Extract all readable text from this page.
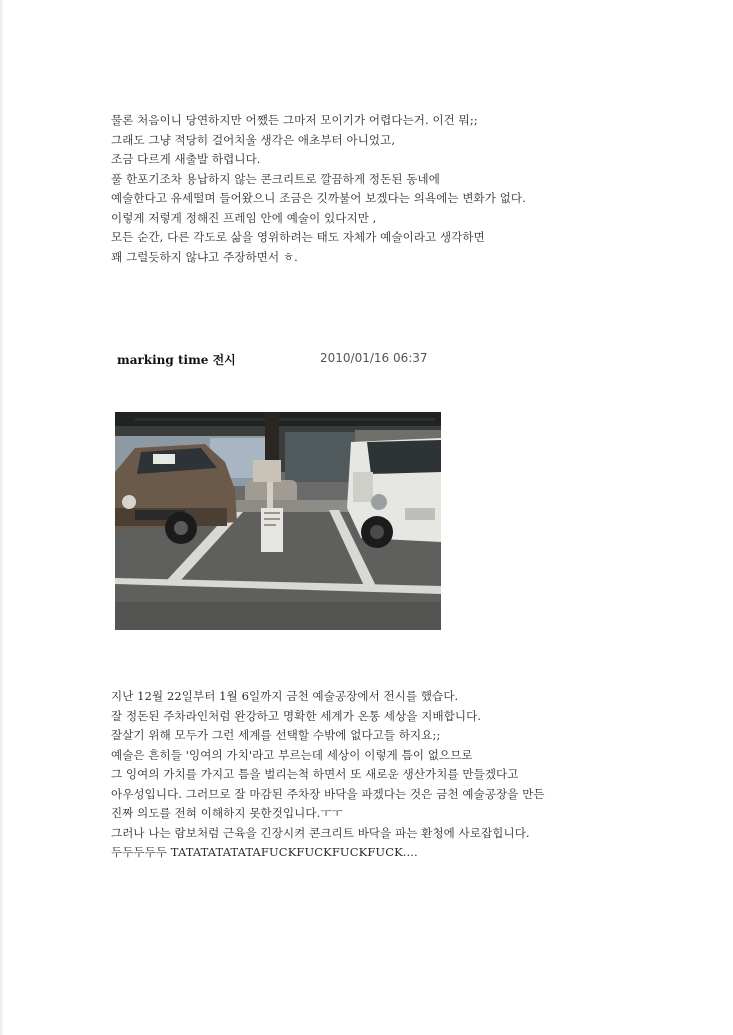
물론 처음이니 당연하지만 어쨌든 그마저 모이기가 어렵다는거. 이건 뭐;;
그래도 그냥 적당히 걸어치울 생각은 애초부터 아니었고,
조금 다르게 새출발 하렵니다.
풀 한포기조차 용납하지 않는 콘크리트로 깔끔하게 정돈된 동네에
예술한다고 유세떨며 들어왔으니 조금은 깃까불어 보겠다는 의욕에는 변화가 없다.
이렇게 저렇게 정해진 프레임 안에 예술이 있다지만 ,
모든 순간, 다른 각도로 삶을 영위하려는 태도 자체가 예술이라고 생각하면
꽤 그럴듯하지 않냐고 주장하면서 ㅎ.
marking time 전시	2010/01/16 06:37
지난 12월 22일부터 1월 6일까지 금천 예술공장에서 전시를 했습다.
잘 정돈된 주차라인처럼 완강하고 명확한 세계가 온통 세상을 지배합니다.
잘살기 위해 모두가 그런 세계를 선택할 수밖에 없다고들 하지요;;
예술은 흔히들 '잉여의 가치'라고 부르는데 세상이 이렇게 틈이 없으므로
그 잉여의 가치를 가지고 틈을 벌리는척 하면서 또 새로운 생산가치를 만들겠다고
아우성입니다. 그러므로 잘 마감된 주차장 바닥을 파겠다는 것은 금천 예술공장을 만든
진짜 의도를 전혀 이해하지 못한것입니다.ㅜㅜ
그러나 나는 람보처럼 근육을 긴장시켜 콘크리트 바닥을 파는 환청에 사로잡힙니다.
두두두두두 TATATATATATAFUCKFUCKFUCKFUCK....
